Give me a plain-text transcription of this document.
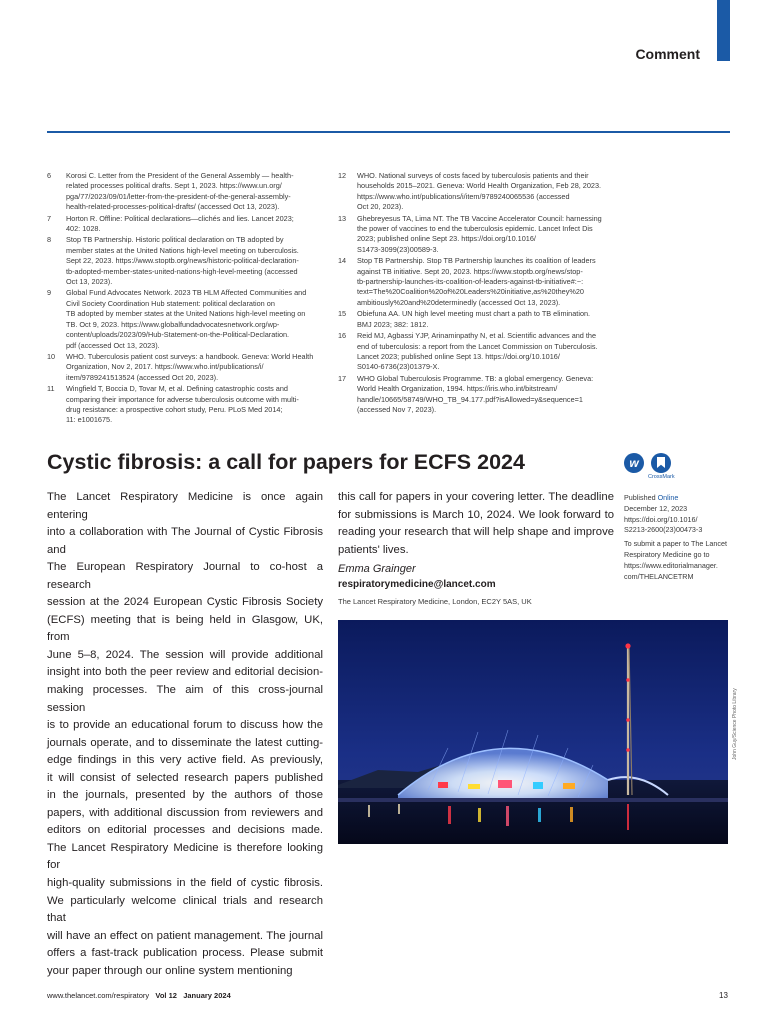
Comment
6 Korosi C. Letter from the President of the General Assembly — health-
related processes political drafts. Sept 1, 2023. https://www.un.org/
pga/77/2023/09/01/letter-from-the-president-of-the-general-assembly-
health-related-processes-political-drafts/ (accessed Oct 13, 2023).
7 Horton R. Offline: Political declarations—clichés and lies. Lancet 2023;
402: 1028.
8 Stop TB Partnership. Historic political declaration on TB adopted by
member states at the United Nations high-level meeting on tuberculosis.
Sept 22, 2023. https://www.stoptb.org/news/historic-political-declaration-
tb-adopted-member-states-united-nations-high-level-meeting (accessed
Oct 13, 2023).
9 Global Fund Advocates Network. 2023 TB HLM Affected Communities and
Civil Society Coordination Hub statement: political declaration on
TB adopted by member states at the United Nations high-level meeting on
TB. Oct 9, 2023. https://www.globalfundadvocatesnetwork.org/wp-
content/uploads/2023/09/Hub-Statement-on-the-Political-Declaration.
pdf (accessed Oct 13, 2023).
10 WHO. Tuberculosis patient cost surveys: a handbook. Geneva: World Health
Organization, Nov 2, 2017. https://www.who.int/publications/i/
item/9789241513524 (accessed Oct 20, 2023).
11 Wingfield T, Boccia D, Tovar M, et al. Defining catastrophic costs and
comparing their importance for adverse tuberculosis outcome with multi-
drug resistance: a prospective cohort study, Peru. PLoS Med 2014;
11: e1001675.
12 WHO. National surveys of costs faced by tuberculosis patients and their
households 2015–2021. Geneva: World Health Organization, Feb 28, 2023.
https://www.who.int/publications/i/item/9789240065536 (accessed
Oct 20, 2023).
13 Ghebreyesus TA, Lima NT. The TB Vaccine Accelerator Council: harnessing
the power of vaccines to end the tuberculosis epidemic. Lancet Infect Dis
2023; published online Sept 23. https://doi.org/10.1016/
S1473-3099(23)00589-3.
14 Stop TB Partnership. Stop TB Partnership launches its coalition of leaders
against TB initiative. Sept 20, 2023. https://www.stoptb.org/news/stop-
tb-partnership-launches-its-coalition-of-leaders-against-tb-initiative#:~:
text=The%20Coalition%20of%20Leaders%20initiative,as%20they%20
ambitiously%20and%20determinedly (accessed Oct 13, 2023).
15 Obiefuna AA. UN high level meeting must chart a path to TB elimination.
BMJ 2023; 382: 1812.
16 Reid MJ, Agbassi YJP, Arinaminpathy N, et al. Scientific advances and the
end of tuberculosis: a report from the Lancet Commission on Tuberculosis.
Lancet 2023; published online Sept 13. https://doi.org/10.1016/
S0140-6736(23)01379-X.
17 WHO Global Tuberculosis Programme. TB: a global emergency. Geneva:
World Health Organization, 1994. https://iris.who.int/bitstream/
handle/10665/58749/WHO_TB_94.177.pdf?isAllowed=y&sequence=1
(accessed Nov 7, 2023).
Cystic fibrosis: a call for papers for ECFS 2024	w
CrossMark
The Lancet Respiratory Medicine is once again entering
into a collaboration with The Journal of Cystic Fibrosis and
The European Respiratory Journal to co-host a research
session at the 2024 European Cystic Fibrosis Society
(ECFS) meeting that is being held in Glasgow, UK, from
June 5–8, 2024. The session will provide additional
insight into both the peer review and editorial decision-
making processes. The aim of this cross-journal session
is to provide an educational forum to discuss how the
journals operate, and to disseminate the latest cutting-
edge findings in this very active field. As previously,
it will consist of selected research papers published
in the journals, presented by the authors of those
papers, with additional discussion from reviewers and
editors on editorial processes and decisions made.
The Lancet Respiratory Medicine is therefore looking for
high-quality submissions in the field of cystic fibrosis.
We particularly welcome clinical trials and research that
will have an effect on patient management. The journal
offers a fast-track publication process. Please submit
your paper through our online system mentioning
this call for papers in your covering letter. The deadline
for submissions is March 10, 2024. We look forward to
reading your research that will help shape and improve
patients' lives.
Emma Grainger
respiratorymedicine@lancet.com
The Lancet Respiratory Medicine, London, EC2Y 5AS, UK
Published Online
December 12, 2023
https://doi.org/10.1016/
S2213-2600(23)00473-3
To submit a paper to The Lancet
Respiratory Medicine go to
https://www.editorialmanager.
com/THELANCETRM
John Guy/Science Photo Library
www.thelancet.com/respiratory Vol 12 January 2024	13
